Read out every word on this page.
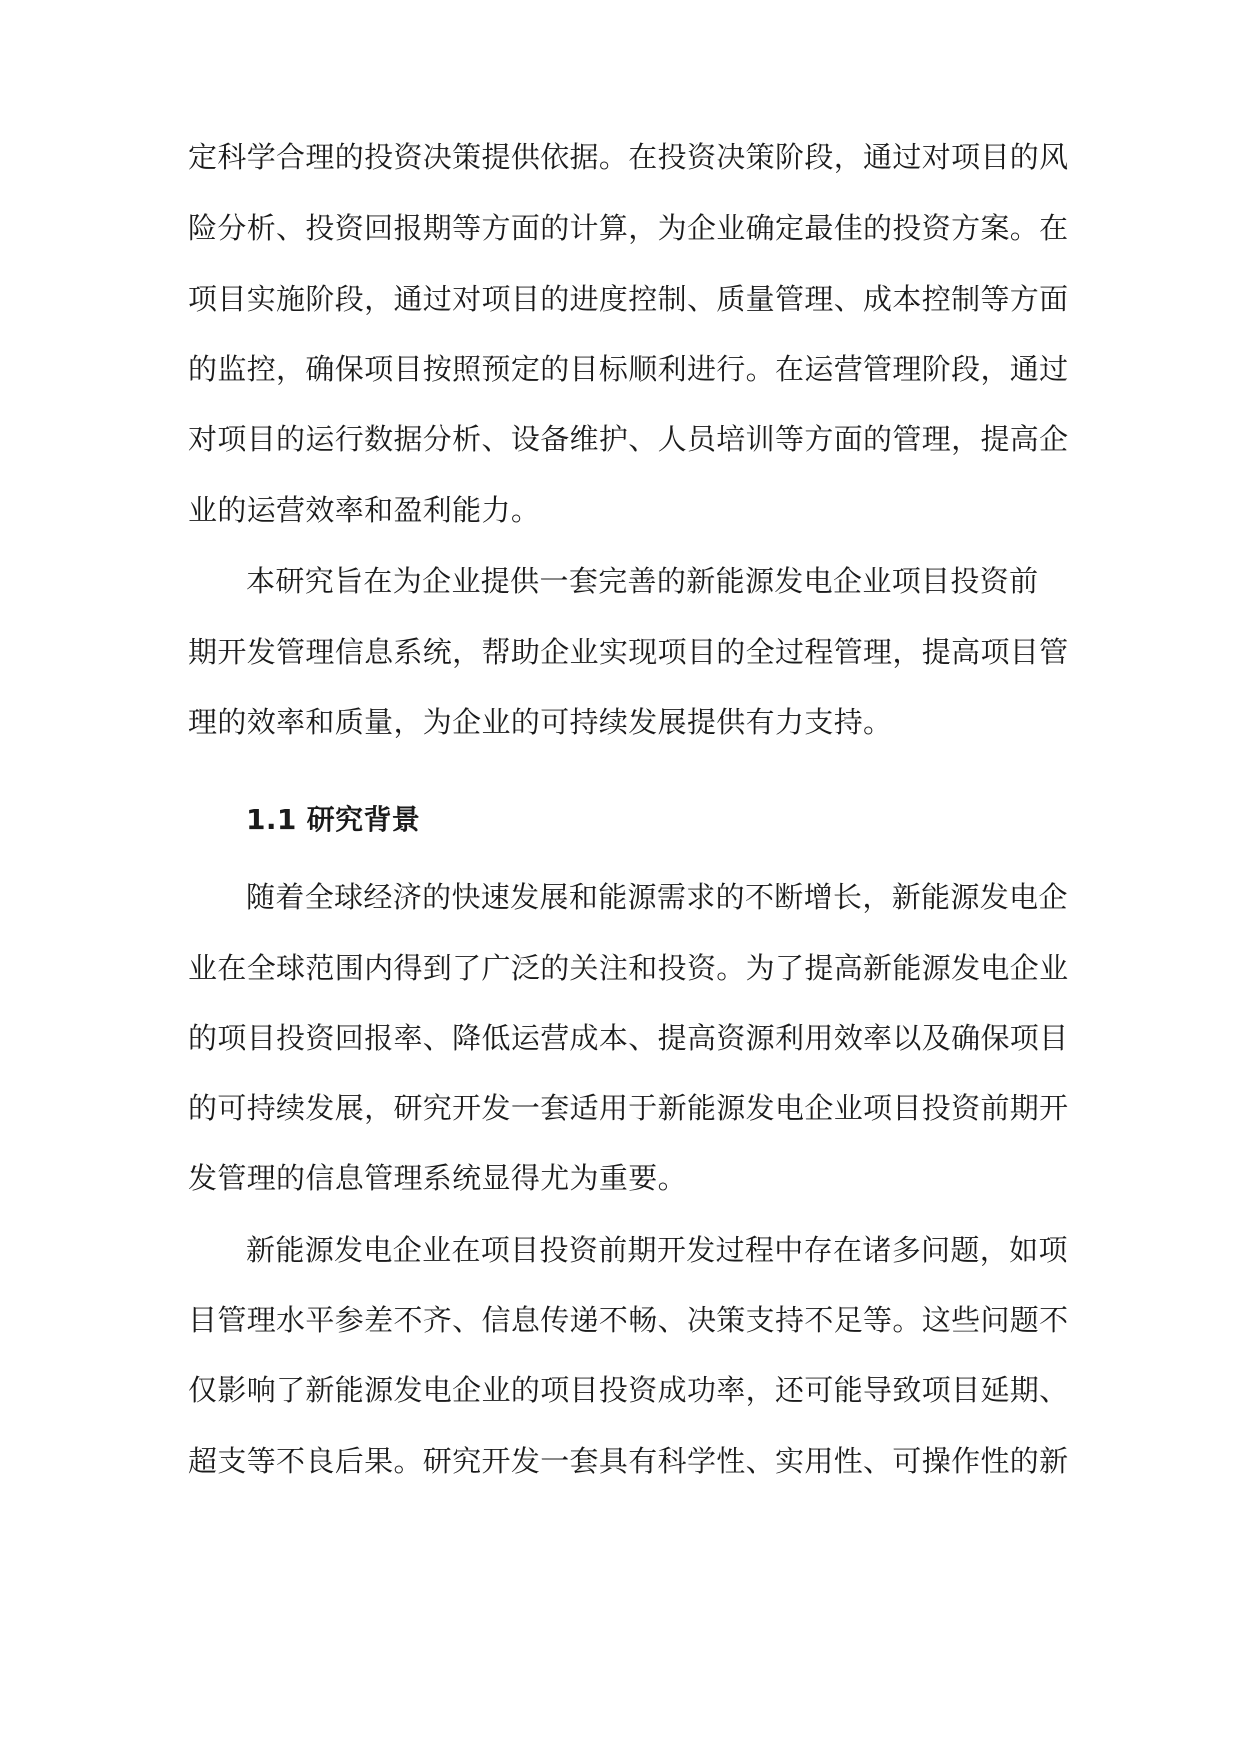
定科学合理的投资决策提供依据。在投资决策阶段，通过对项目的风
险分析、投资回报期等方面的计算，为企业确定最佳的投资方案。在
项目实施阶段，通过对项目的进度控制、质量管理、成本控制等方面
的监控，确保项目按照预定的目标顺利进行。在运营管理阶段，通过
对项目的运行数据分析、设备维护、人员培训等方面的管理，提高企
业的运营效率和盈利能力。
本研究旨在为企业提供一套完善的新能源发电企业项目投资前
期开发管理信息系统，帮助企业实现项目的全过程管理，提高项目管
理的效率和质量，为企业的可持续发展提供有力支持。
1.1 研究背景
随着全球经济的快速发展和能源需求的不断增长，新能源发电企
业在全球范围内得到了广泛的关注和投资。为了提高新能源发电企业
的项目投资回报率、降低运营成本、提高资源利用效率以及确保项目
的可持续发展，研究开发一套适用于新能源发电企业项目投资前期开
发管理的信息管理系统显得尤为重要。
新能源发电企业在项目投资前期开发过程中存在诸多问题，如项
目管理水平参差不齐、信息传递不畅、决策支持不足等。这些问题不
仅影响了新能源发电企业的项目投资成功率，还可能导致项目延期、
超支等不良后果。研究开发一套具有科学性、实用性、可操作性的新
